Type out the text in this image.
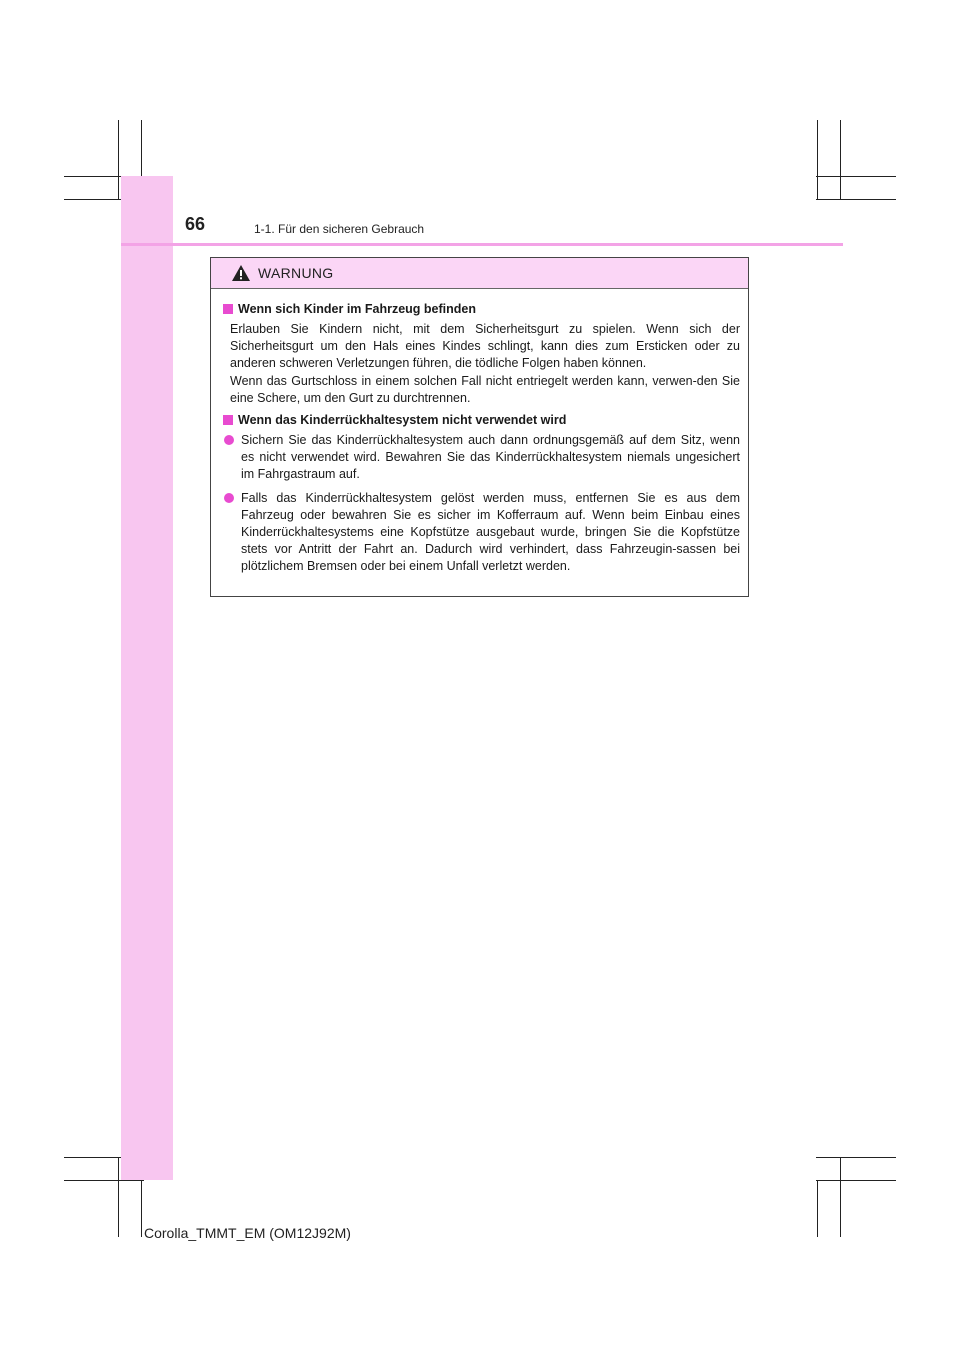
66	1-1. Für den sicheren Gebrauch
WARNUNG
Wenn sich Kinder im Fahrzeug befinden
Erlauben Sie Kindern nicht, mit dem Sicherheitsgurt zu spielen. Wenn sich der Sicherheitsgurt um den Hals eines Kindes schlingt, kann dies zum Ersticken oder zu anderen schweren Verletzungen führen, die tödliche Folgen haben können.
Wenn das Gurtschloss in einem solchen Fall nicht entriegelt werden kann, verwen-den Sie eine Schere, um den Gurt zu durchtrennen.
Wenn das Kinderrückhaltesystem nicht verwendet wird
Sichern Sie das Kinderrückhaltesystem auch dann ordnungsgemäß auf dem Sitz, wenn es nicht verwendet wird. Bewahren Sie das Kinderrückhaltesystem niemals ungesichert im Fahrgastraum auf.
Falls das Kinderrückhaltesystem gelöst werden muss, entfernen Sie es aus dem Fahrzeug oder bewahren Sie es sicher im Kofferraum auf. Wenn beim Einbau eines Kinderrückhaltesystems eine Kopfstütze ausgebaut wurde, bringen Sie die Kopfstütze stets vor Antritt der Fahrt an. Dadurch wird verhindert, dass Fahrzeugin-sassen bei plötzlichem Bremsen oder bei einem Unfall verletzt werden.
Corolla_TMMT_EM (OM12J92M)
